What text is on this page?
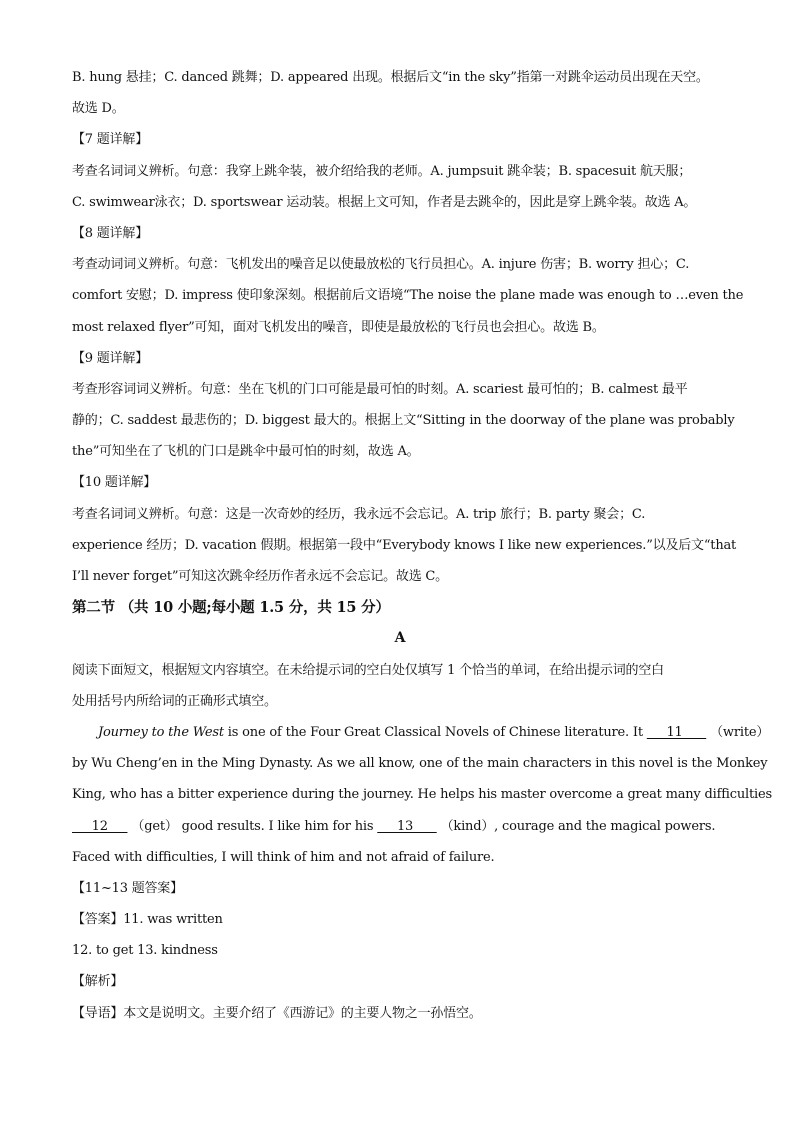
B. hung 悬挂；C. danced 跳舞；D. appeared 出现。根据后文“in the sky”指第一对跳伞运动员出现在天空。
故选 D。
【7 题详解】
考查名词词义辨析。句意：我穿上跳伞装，被介绍给我的老师。A. jumpsuit 跳伞装；B. spacesuit 航天服；
C. swimwear泳衣；D. sportswear 运动装。根据上文可知，作者是去跳伞的，因此是穿上跳伞装。故选 A。
【8 题详解】
考查动词词义辨析。句意：飞机发出的噪音足以使最放松的飞行员担心。A. injure 伤害；B. worry 担心；C.
comfort 安慰；D. impress 使印象深刻。根据前后文语境“The noise the plane made was enough to …even the
most relaxed flyer”可知，面对飞机发出的噪音，即使是最放松的飞行员也会担心。故选 B。
【9 题详解】
考查形容词词义辨析。句意：坐在飞机的门口可能是最可怕的时刻。A. scariest 最可怕的；B. calmest 最平
静的；C. saddest 最悲伤的；D. biggest 最大的。根据上文“Sitting in the doorway of the plane was probably
the”可知坐在了飞机的门口是跳伞中最可怕的时刻，故选 A。
【10 题详解】
考查名词词义辨析。句意：这是一次奇妙的经历，我永远不会忘记。A. trip 旅行；B. party 聚会；C.
experience 经历；D. vacation 假期。根据第一段中“Everybody knows I like new experiences.”以及后文“that
I’ll never forget”可知这次跳伞经历作者永远不会忘记。故选 C。
第二节 （共 10 小题;每小题 1.5 分，共 15 分）
A
阅读下面短文，根据短文内容填空。在未给提示词的空白处仅填写 1 个恰当的单词，在给出提示词的空白
处用括号内所给词的正确形式填空。
Journey to the West is one of the Four Great Classical Novels of Chinese literature. It      11       （write）
by Wu Cheng’en in the Ming Dynasty. As we all know, one of the main characters in this novel is the Monkey
King, who has a bitter experience during the journey. He helps his master overcome a great many difficulties
12      （get） good results. I like him for his      13       （kind）, courage and the magical powers.
Faced with difficulties, I will think of him and not afraid of failure.
【11~13 题答案】
【答案】11. was written
12. to get 13. kindness
【解析】
【导语】本文是说明文。主要介绍了《西游记》的主要人物之一孙悟空。
